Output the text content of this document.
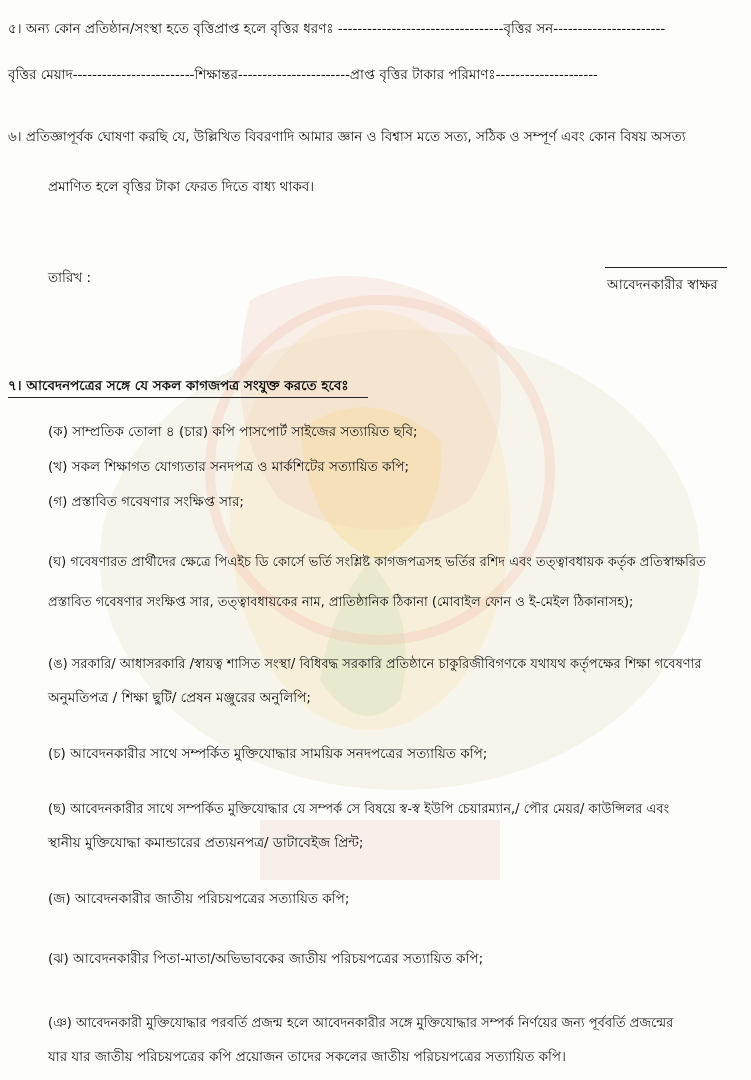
৫। অন্য কোন প্রতিষ্ঠান/সংস্থা হতে বৃত্তিপ্রাপ্ত হলে বৃত্তির ধরণঃ ----------------------------------বৃত্তির সন-----------------------
বৃত্তির মেয়াদ-------------------------শিক্ষান্তর-----------------------প্রাপ্ত বৃত্তির টাকার পরিমাণঃ---------------------
৬। প্রতিজ্ঞাপূর্বক ঘোষণা করছি যে, উল্লিখিত বিবরণাদি আমার জ্ঞান ও বিশ্বাস মতে সত্য, সঠিক ও সম্পূর্ণ এবং কোন বিষয় অসত্য
প্রমাণিত হলে বৃত্তির টাকা ফেরত দিতে বাধ্য থাকব।
তারিখ :	আবেদনকারীর স্বাক্ষর
৭। আবেদনপত্রের সঙ্গে যে সকল কাগজপত্র সংযুক্ত করতে হবেঃ
(ক) সাম্প্রতিক তোলা ৪ (চার) কপি পাসপোর্ট সাইজের সত্যায়িত ছবি;
(খ) সকল শিক্ষাগত যোগ্যতার সনদপত্র ও মার্কশিটের সত্যায়িত কপি;
(গ) প্রস্তাবিত গবেষণার সংক্ষিপ্ত সার;
(ঘ) গবেষণারত প্রার্থীদের ক্ষেত্রে পিএইচ ডি কোর্সে ভর্তি সংশ্লিষ্ট কাগজপত্রসহ ভর্তির রশিদ এবং তত্ত্বাবধায়ক কর্তৃক প্রতিস্বাক্ষরিত
প্রস্তাবিত গবেষণার সংক্ষিপ্ত সার, তত্ত্বাবধায়কের নাম, প্রাতিষ্ঠানিক ঠিকানা (মোবাইল ফোন ও ই-মেইল ঠিকানাসহ);
(ঙ) সরকারি/ আধাসরকারি /স্বায়ত্ব শাসিত সংস্থা/ বিধিবদ্ধ সরকারি প্রতিষ্ঠানে চাকুরিজীবিগণকে যথাযথ কর্তৃপক্ষের শিক্ষা গবেষণার
অনুমতিপত্র / শিক্ষা ছুটি/ প্রেষন মঞ্জুরের অনুলিপি;
(চ) আবেদনকারীর সাথে সম্পর্কিত মুক্তিযোদ্ধার সাময়িক সনদপত্রের সত্যায়িত কপি;
(ছ) আবেদনকারীর সাথে সম্পর্কিত মুক্তিযোদ্ধার যে সম্পর্ক সে বিষয়ে স্ব-স্ব ইউপি চেয়ারম্যান,/ পৌর মেয়র/ কাউন্সিলর এবং
স্থানীয় মুক্তিযোদ্ধা কমান্ডারের প্রত্যয়নপত্র/ ডাটাবেইজ প্রিন্ট;
(জ) আবেদনকারীর জাতীয় পরিচয়পত্রের সত্যায়িত কপি;
(ঝ) আবেদনকারীর পিতা-মাতা/অভিভাবকের জাতীয় পরিচয়পত্রের সত্যায়িত কপি;
(ঞ) আবেদনকারী মুক্তিযোদ্ধার পরবর্তি প্রজন্ম হলে আবেদনকারীর সঙ্গে মুক্তিযোদ্ধার সম্পর্ক নির্ণয়ের জন্য পূর্ববর্তি প্রজন্মের
যার যার জাতীয় পরিচয়পত্রের কপি প্রয়োজন তাদের সকলের জাতীয় পরিচয়পত্রের সত্যায়িত কপি।
